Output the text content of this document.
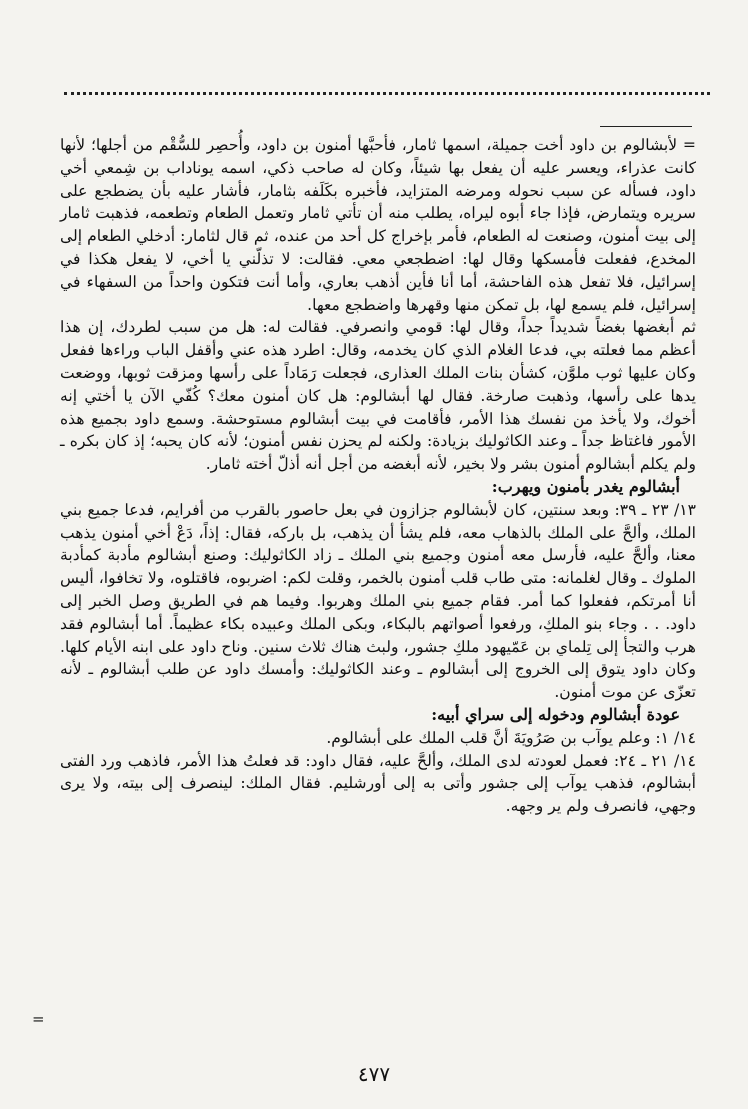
= لأبشالوم بن داود أخت جميلة، اسمها ثامار، فأحبَّها أمنون بن داود، وأُحصِر للسُّقْم من أجلها؛ لأنها كانت عذراء، ويعسر عليه أن يفعل بها شيئاً، وكان له صاحب ذكي، اسمه يوناداب بن شِمعي أخي داود، فسأله عن سبب نحوله ومرضه المتزايد، فأخبره بكَلَفه بثامار، فأشار عليه بأن يضطجع على سريره ويتمارض، فإذا جاء أبوه ليراه، يطلب منه أن تأتي ثامار وتعمل الطعام وتطعمه، فذهبت ثامار إلى بيت أمنون، وصنعت له الطعام، فأمر بإخراج كل أحد من عنده، ثم قال لثامار: أدخلي الطعام إلى المخدع، ففعلت فأمسكها وقال لها: اضطجعي معي. فقالت: لا تذلّني يا أخي، لا يفعل هكذا في إسرائيل، فلا تفعل هذه الفاحشة، أما أنا فأين أذهب بعاري، وأما أنت فتكون واحداً من السفهاء في إسرائيل، فلم يسمع لها، بل تمكن منها وقهرها واضطجع معها.

ثم أبغضها بغضاً شديداً جداً، وقال لها: قومي وانصرفي. فقالت له: هل من سبب لطردك، إن هذا أعظم مما فعلته بي، فدعا الغلام الذي كان يخدمه، وقال: اطرد هذه عني وأقفل الباب وراءها ففعل وكان عليها ثوب ملوَّن، كشأن بنات الملك العذارى، فجعلت رَمَاداً على رأسها ومزقت ثوبها، ووضعت يدها على رأسها، وذهبت صارخة. فقال لها أبشالوم: هل كان أمنون معك؟ كُفّي الآن يا أختي إنه أخوك، ولا يأخذ من نفسك هذا الأمر، فأقامت في بيت أبشالوم مستوحشة. وسمع داود بجميع هذه الأمور فاغتاظ جداً ـ وعند الكاثوليك بزيادة: ولكنه لم يحزن نفس أمنون؛ لأنه كان يحبه؛ إذ كان بكره ـ ولم يكلم أبشالوم أمنون بشر ولا بخير، لأنه أبغضه من أجل أنه أذلّ أخته ثامار.

أبشالوم يغدر بأمنون ويهرب:

١٣/ ٢٣ ـ ٣٩: وبعد سنتين، كان لأبشالوم جزازون في بعل حاصور بالقرب من أفرايم، فدعا جميع بني الملك، وألحَّ على الملك بالذهاب معه، فلم يشأ أن يذهب، بل باركه، فقال: إذاً، دَعْ أخي أمنون يذهب معنا، وألحَّ عليه، فأرسل معه أمنون وجميع بني الملك ـ زاد الكاثوليك: وصنع أبشالوم مأدبة كمأدبة الملوك ـ وقال لغلمانه: متى طاب قلب أمنون بالخمر، وقلت لكم: اضربوه، فاقتلوه، ولا تخافوا، أليس أنا أمرتكم، ففعلوا كما أمر. فقام جميع بني الملك وهربوا. وفيما هم في الطريق وصل الخبر إلى داود. . . وجاء بنو الملكِ، ورفعوا أصواتهم بالبكاء، وبكى الملك وعبيده بكاء عظيماً. أما أبشالوم فقد هرب والتجأ إلى تِلماي بن عَمّيهود ملكِ جشور، ولبث هناك ثلاث سنين. وناح داود على ابنه الأيام كلها. وكان داود يتوق إلى الخروج إلى أبشالوم ـ وعند الكاثوليك: وأمسك داود عن طلب أبشالوم ـ لأنه تعزّى عن موت أمنون.

عودة أبشالوم ودخوله إلى سراي أبيه:

١٤/ ١: وعلم يوآب بن صَرُويَةَ أنَّ قلب الملك على أبشالوم.

١٤/ ٢١ ـ ٢٤: فعمل لعودته لدى الملك، وألحَّ عليه، فقال داود: قد فعلتُ هذا الأمر، فاذهب ورد الفتى أبشالوم، فذهب يوآب إلى جشور وأتى به إلى أورشليم. فقال الملك: لينصرف إلى بيته، ولا يرى وجهي، فانصرف ولم ير وجهه.

=
٤٧٧
